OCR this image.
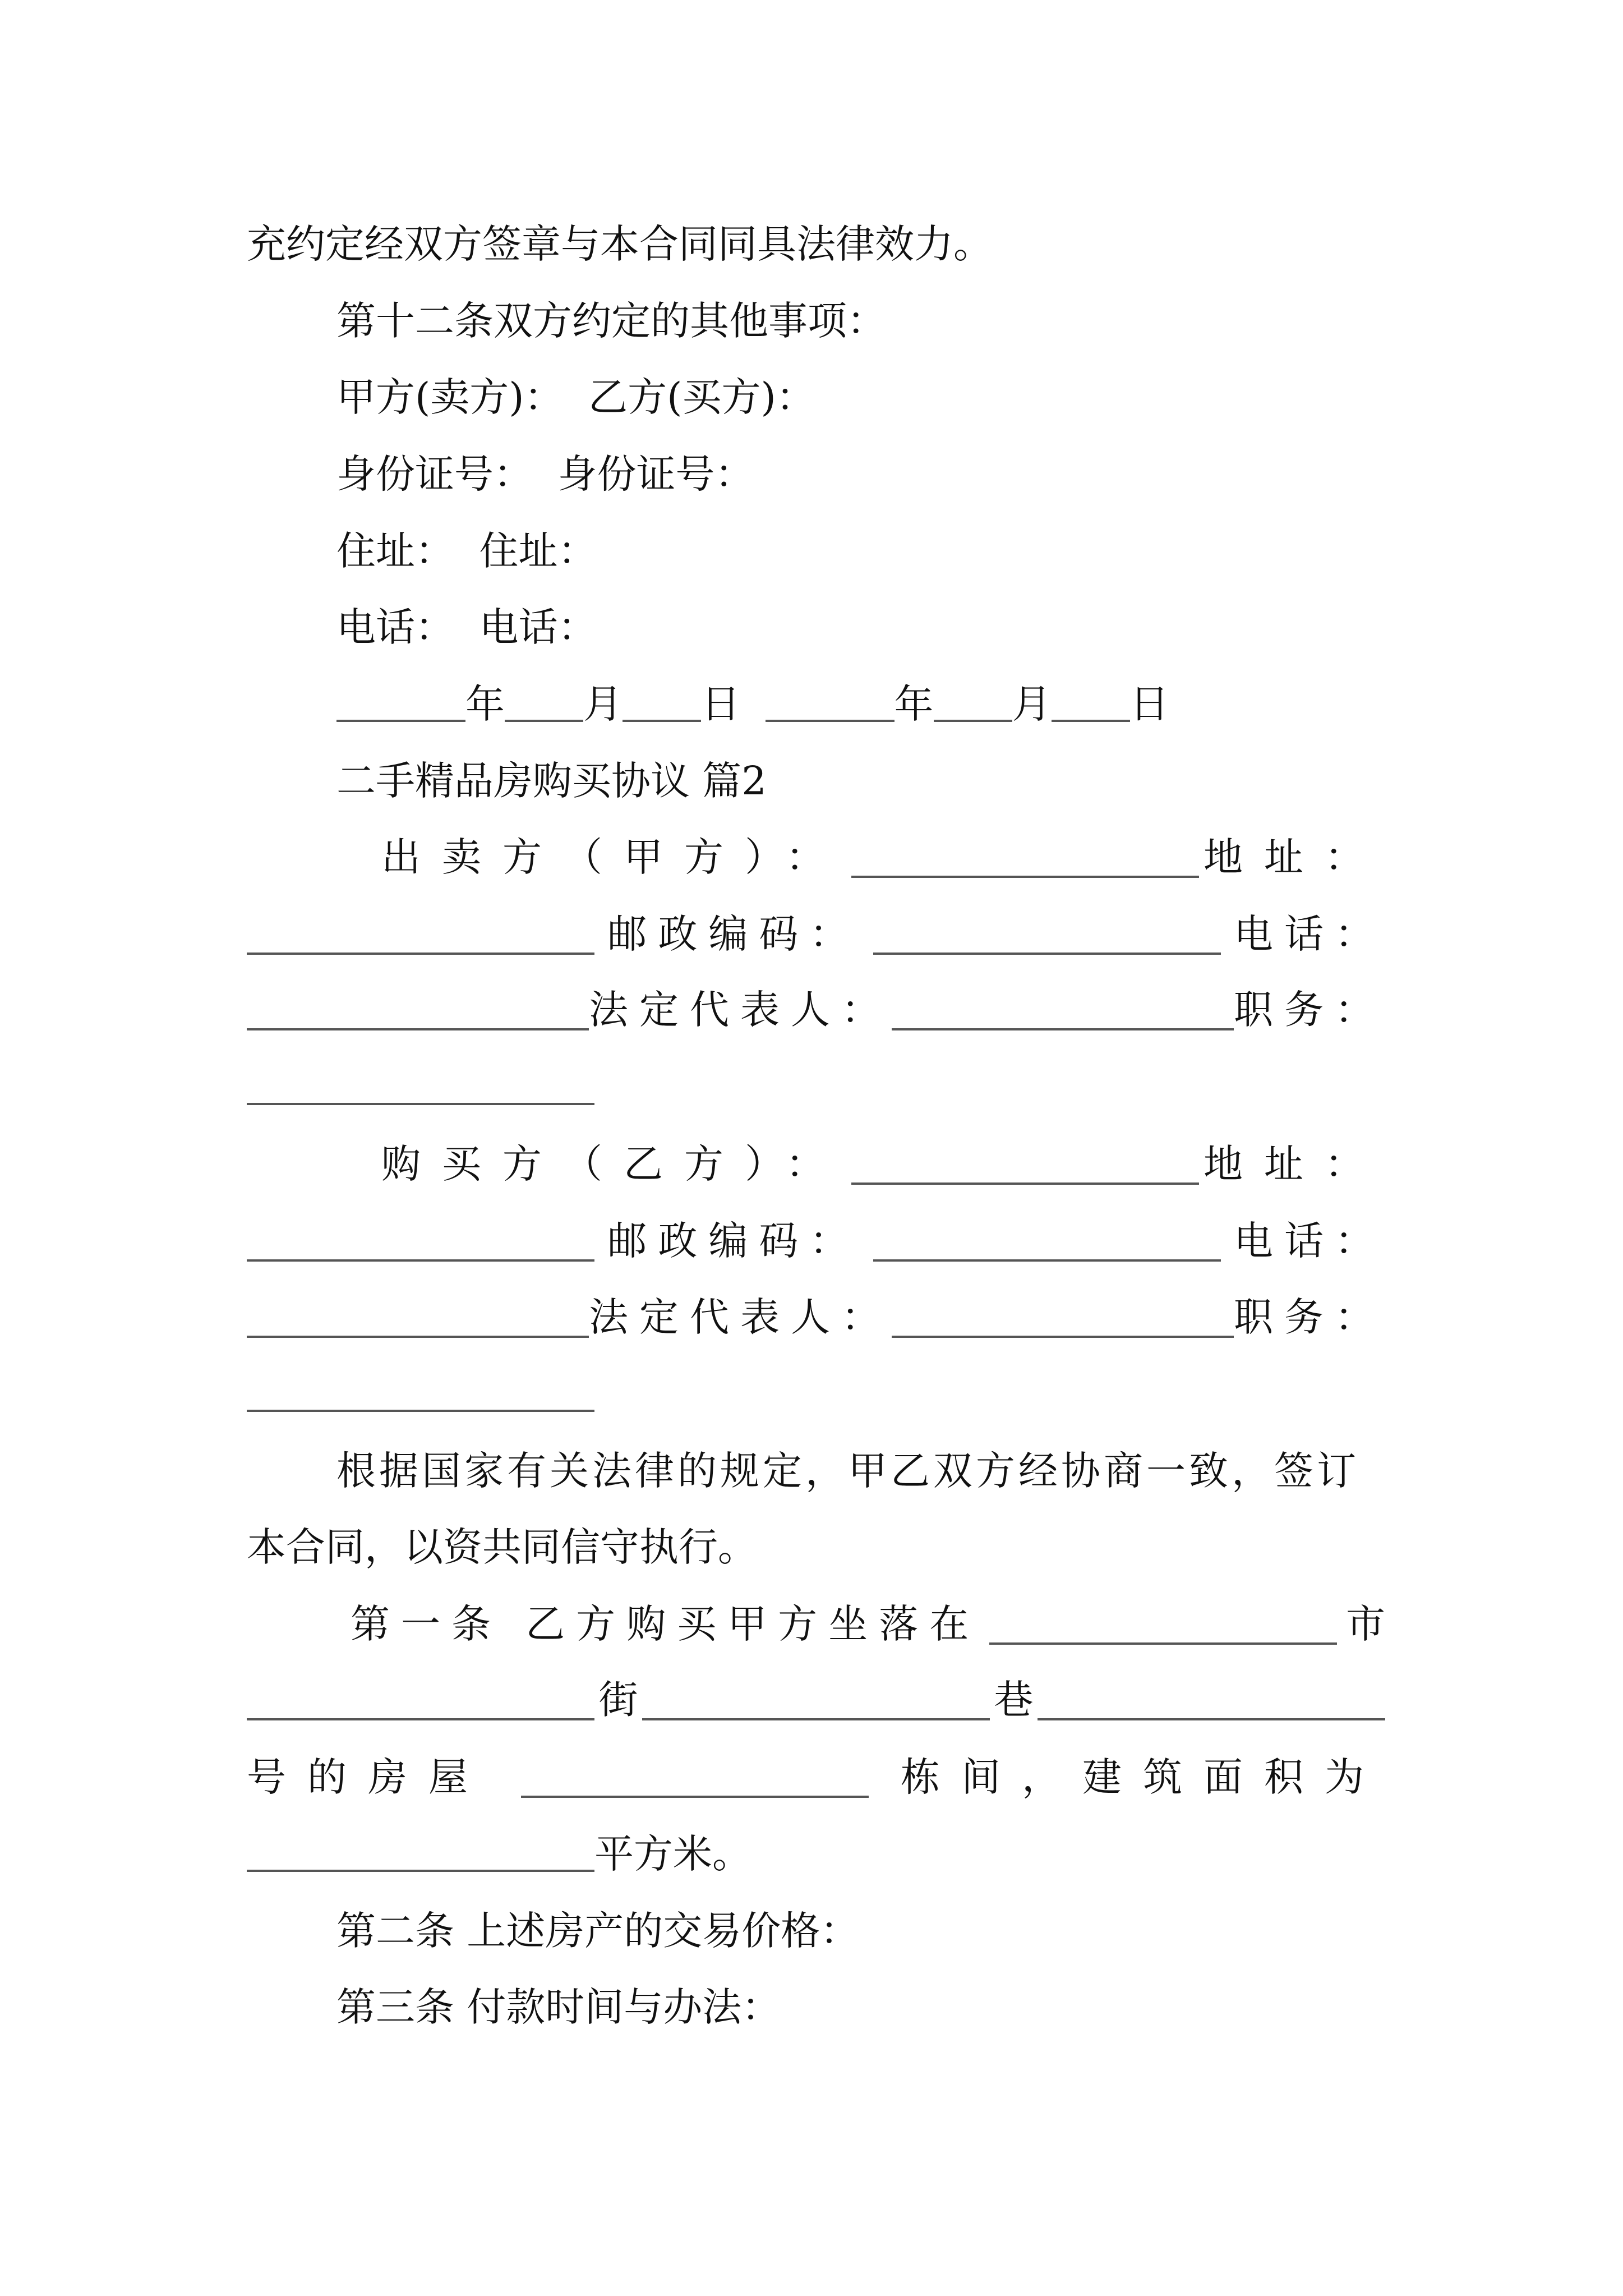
充约定经双方签章与本合同同具法律效力。
第十二条双方约定的其他事项：
甲方(卖方)： 乙方(买方)：
身份证号： 身份证号：
住址： 住址：
电话： 电话：
年 月 日	年 月 日
二手精品房购买协议 篇2
出卖方（甲方）：	地址：
邮政编码：	电话：
法定代表人：	职务：
购买方（乙方）：	地址：
邮政编码：	电话：
法定代表人：	职务：
根据国家有关法律的规定，甲乙双方经协商一致，签订
本合同，以资共同信守执行。
第一条 乙方购买甲方坐落在	市
街	巷
号的房屋	栋间，建筑面积为
平方米。
第二条 上述房产的交易价格：
第三条 付款时间与办法：
